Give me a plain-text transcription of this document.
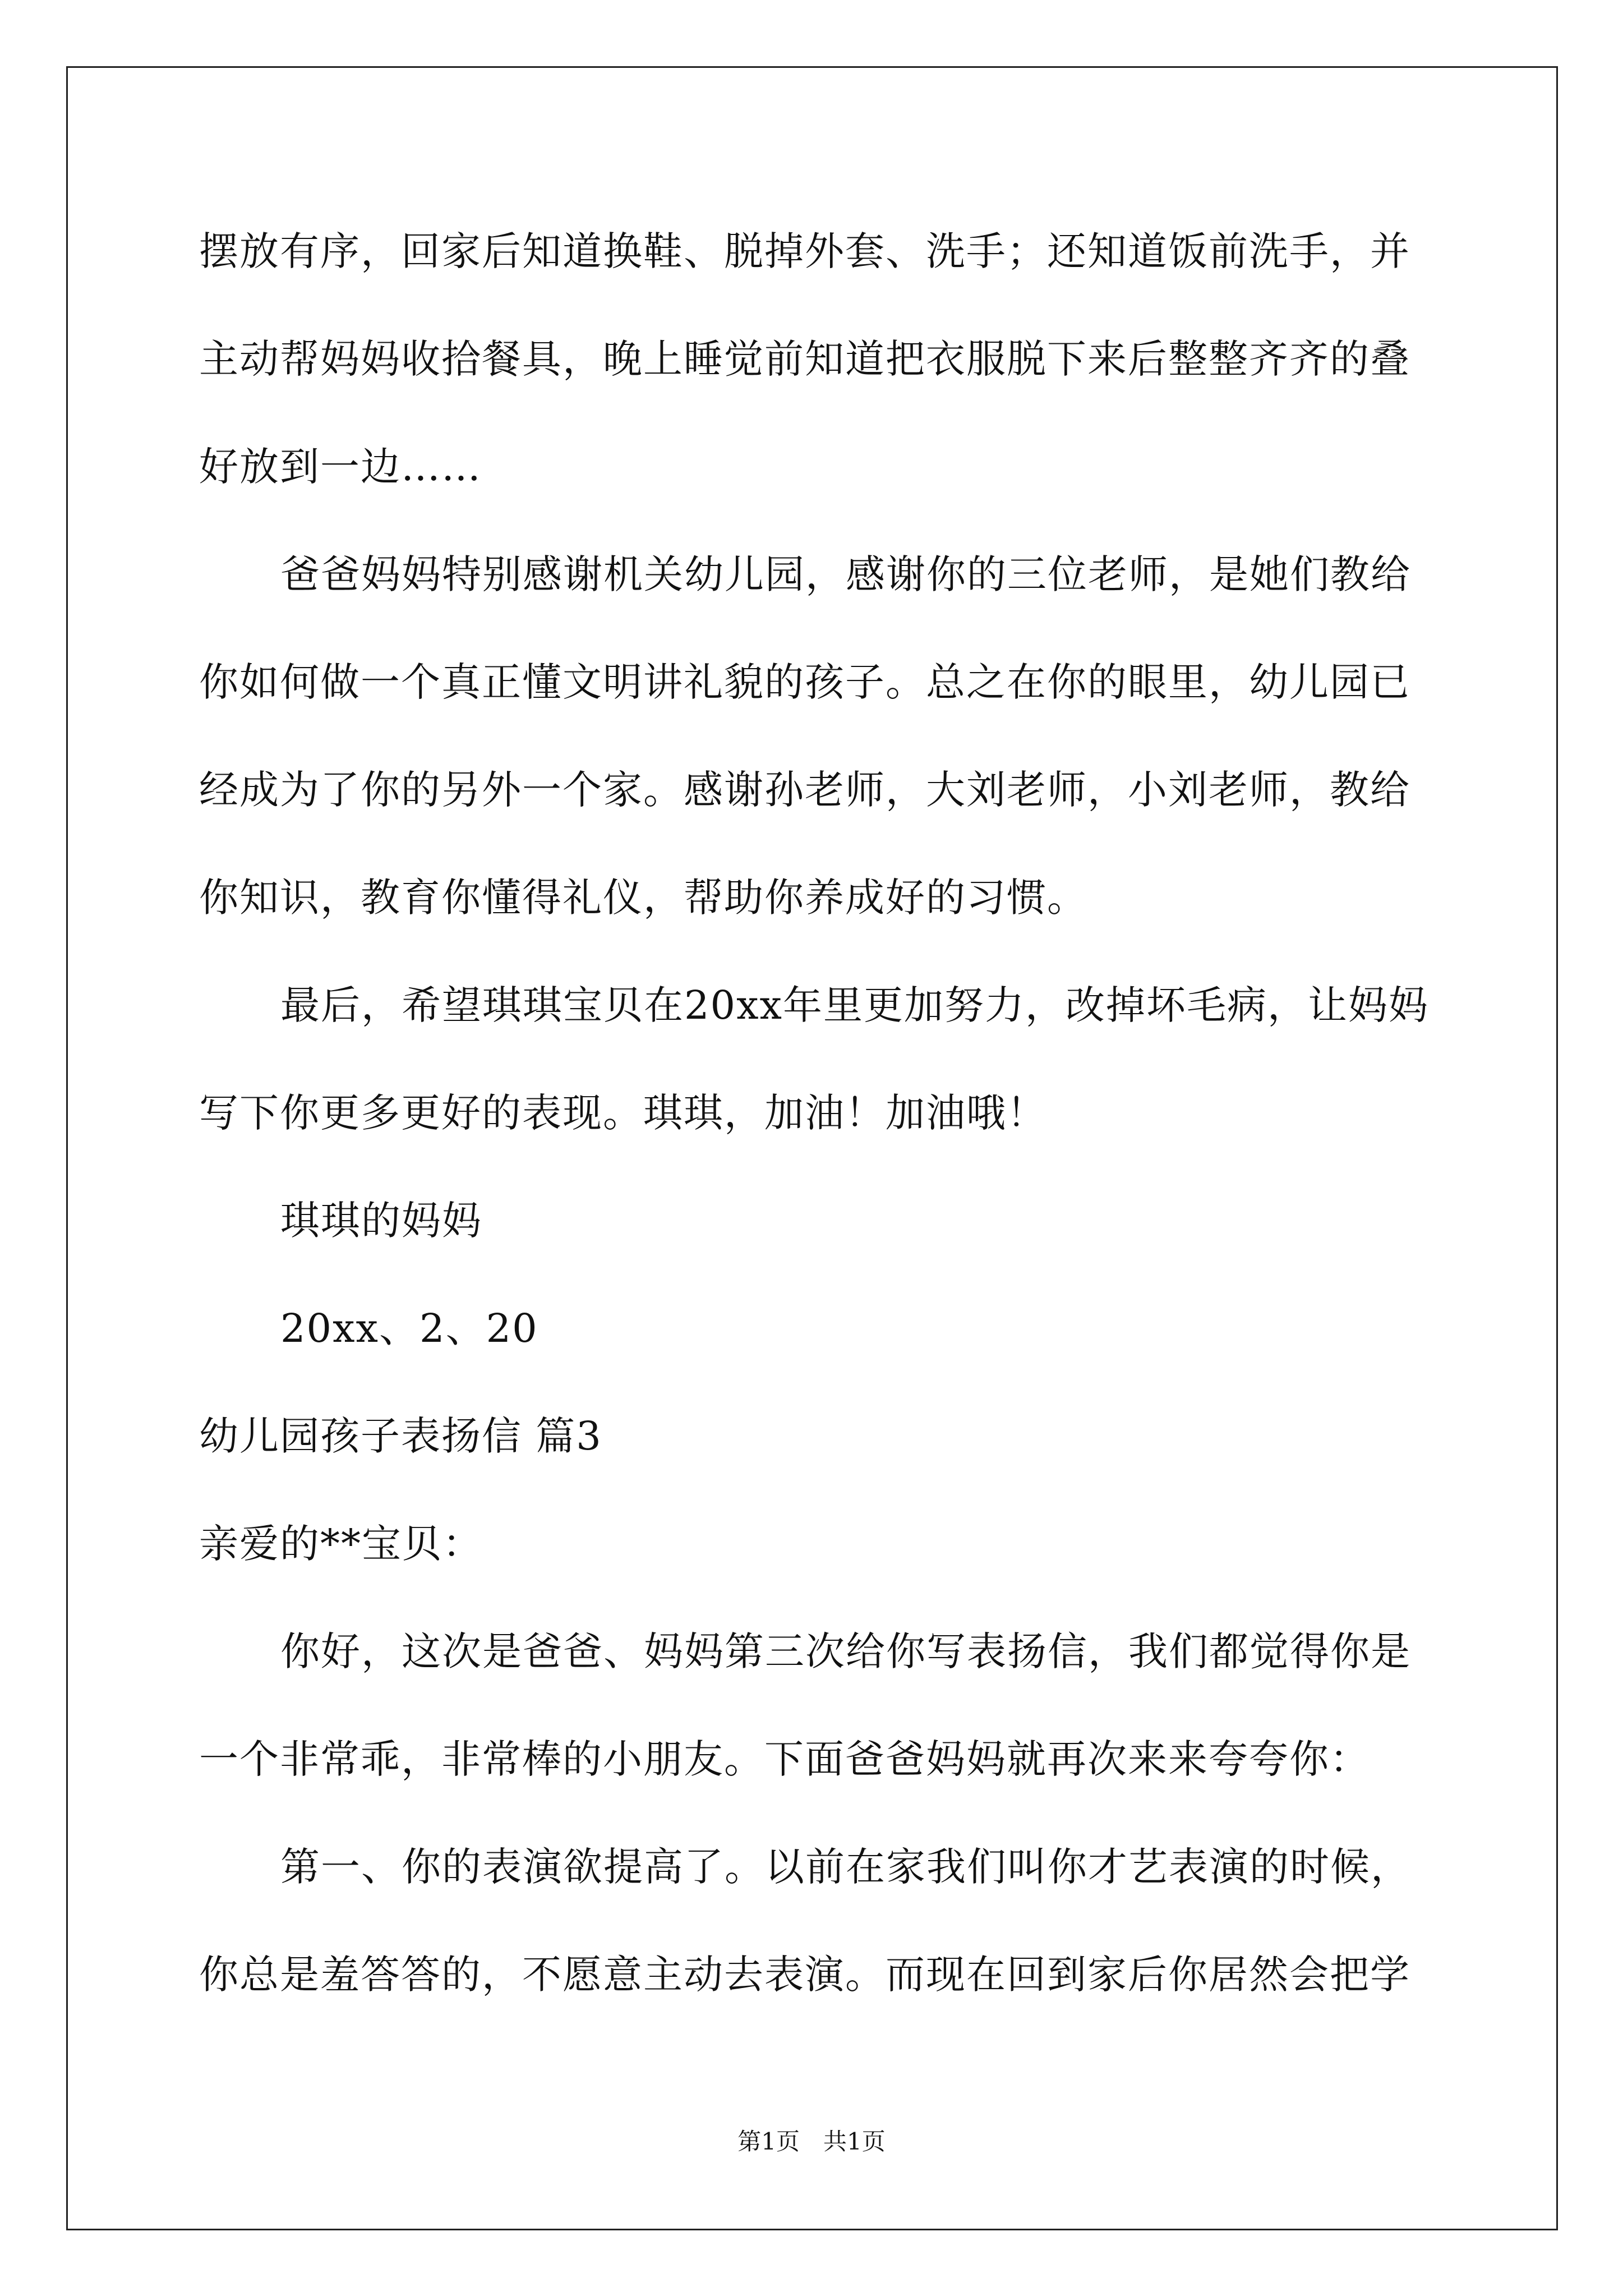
摆放有序，回家后知道换鞋、脱掉外套、洗手；还知道饭前洗手，并
主动帮妈妈收拾餐具，晚上睡觉前知道把衣服脱下来后整整齐齐的叠
好放到一边……
爸爸妈妈特别感谢机关幼儿园，感谢你的三位老师，是她们教给
你如何做一个真正懂文明讲礼貌的孩子。总之在你的眼里，幼儿园已
经成为了你的另外一个家。感谢孙老师，大刘老师，小刘老师，教给
你知识，教育你懂得礼仪，帮助你养成好的习惯。
最后，希望琪琪宝贝在20xx年里更加努力，改掉坏毛病，让妈妈
写下你更多更好的表现。琪琪，加油！加油哦！
琪琪的妈妈
20xx、2、20
幼儿园孩子表扬信 篇3
亲爱的**宝贝：
你好，这次是爸爸、妈妈第三次给你写表扬信，我们都觉得你是
一个非常乖，非常棒的小朋友。下面爸爸妈妈就再次来来夸夸你：
第一、你的表演欲提高了。以前在家我们叫你才艺表演的时候，
你总是羞答答的，不愿意主动去表演。而现在回到家后你居然会把学
第1页　共1页
